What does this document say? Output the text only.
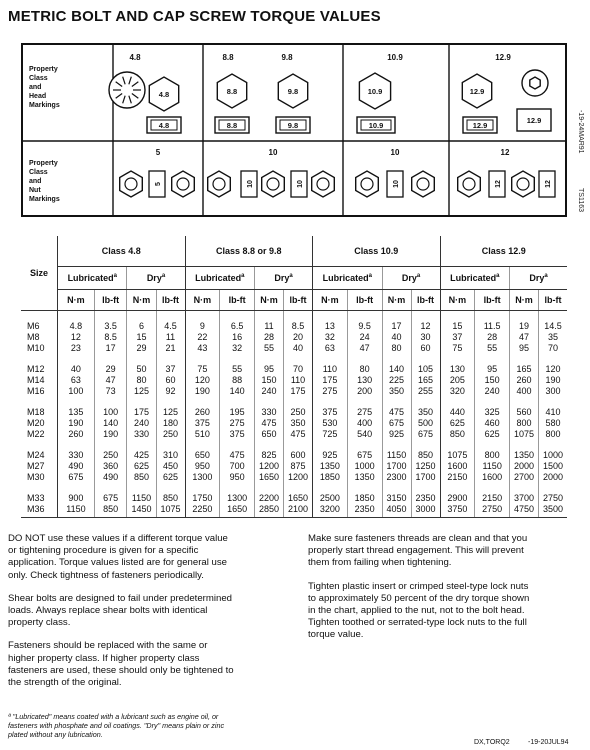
METRIC BOLT AND CAP SCREW TORQUE VALUES
TS1163
-19-24MAR91
Property
Class
and
Head
Markings
Property
Class
and
Nut
Markings
4.8	8.8	9.8	10.9	12.9
4.8
4.8
8.8
8.8
9.8
9.8
10.9
10.9
12.9
12.9
12.9
5	10	10	12
5	10	10	10	12	12
Size	Class 4.8				Class 8.8 or 9.8				Class 10.9				Class 12.9			
	Lubricated$^a$		Dry$^a$		Lubricated$^a$		Dry$^a$		Lubricated$^a$		Dry$^a$		Lubricated$^a$		Dry$^a$
	N·m	lb-ft	N·m	lb-ft	N·m	lb-ft	N·m	lb-ft	N·m	lb-ft	N·m	lb-ft	N·m	lb-ft	N·m	lb-ft

M6	4.8	3.5	6	4.5	9	6.5	11	8.5	13	9.5	17	12	15	11.5	19	14.5
M8	12	8.5	15	11	22	16	28	20	32	24	40	30	37	28	47	35
M10	23	17	29	21	43	32	55	40	63	47	80	60	75	55	95	70

M12	40	29	50	37	75	55	95	70	110	80	140	105	130	95	165	120
M14	63	47	80	60	120	88	150	110	175	130	225	165	205	150	260	190
M16	100	73	125	92	190	140	240	175	275	200	350	255	320	240	400	300

M18	135	100	175	125	260	195	330	250	375	275	475	350	440	325	560	410
M20	190	140	240	180	375	275	475	350	530	400	675	500	625	460	800	580
M22	260	190	330	250	510	375	650	475	725	540	925	675	850	625	1075	800

M24	330	250	425	310	650	475	825	600	925	675	1150	850	1075	800	1350	1000
M27	490	360	625	450	950	700	1200	875	1350	1000	1700	1250	1600	1150	2000	1500
M30	675	490	850	625	1300	950	1650	1200	1850	1350	2300	1700	2150	1600	2700	2000

M33	900	675	1150	850	1750	1300	2200	1650	2500	1850	3150	2350	2900	2150	3700	2750
M36	1150	850	1450	1075	2250	1650	2850	2100	3200	2350	4050	3000	3750	2750	4750	3500

DO NOT use these values if a different torque value
or tightening procedure is given for a specific
application. Torque values listed are for general use
only. Check tightness of fasteners periodically.
Shear bolts are designed to fail under predetermined
loads. Always replace shear bolts with identical
property class.
Fasteners should be replaced with the same or
higher property class. If higher property class
fasteners are used, these should only be tightened to
the strength of the original.
Make sure fasteners threads are clean and that you
properly start thread engagement. This will prevent
them from failing when tightening.
Tighten plastic insert or crimped steel-type lock nuts
to approximately 50 percent of the dry torque shown
in the chart, applied to the nut, not to the bolt head.
Tighten toothed or serrated-type lock nuts to the full
torque value.
ª "Lubricated" means coated with a lubricant such as engine oil, or
fasteners with phosphate and oil coatings. "Dry" means plain or zinc
plated without any lubrication.
DX,TORQ2	-19-20JUL94
